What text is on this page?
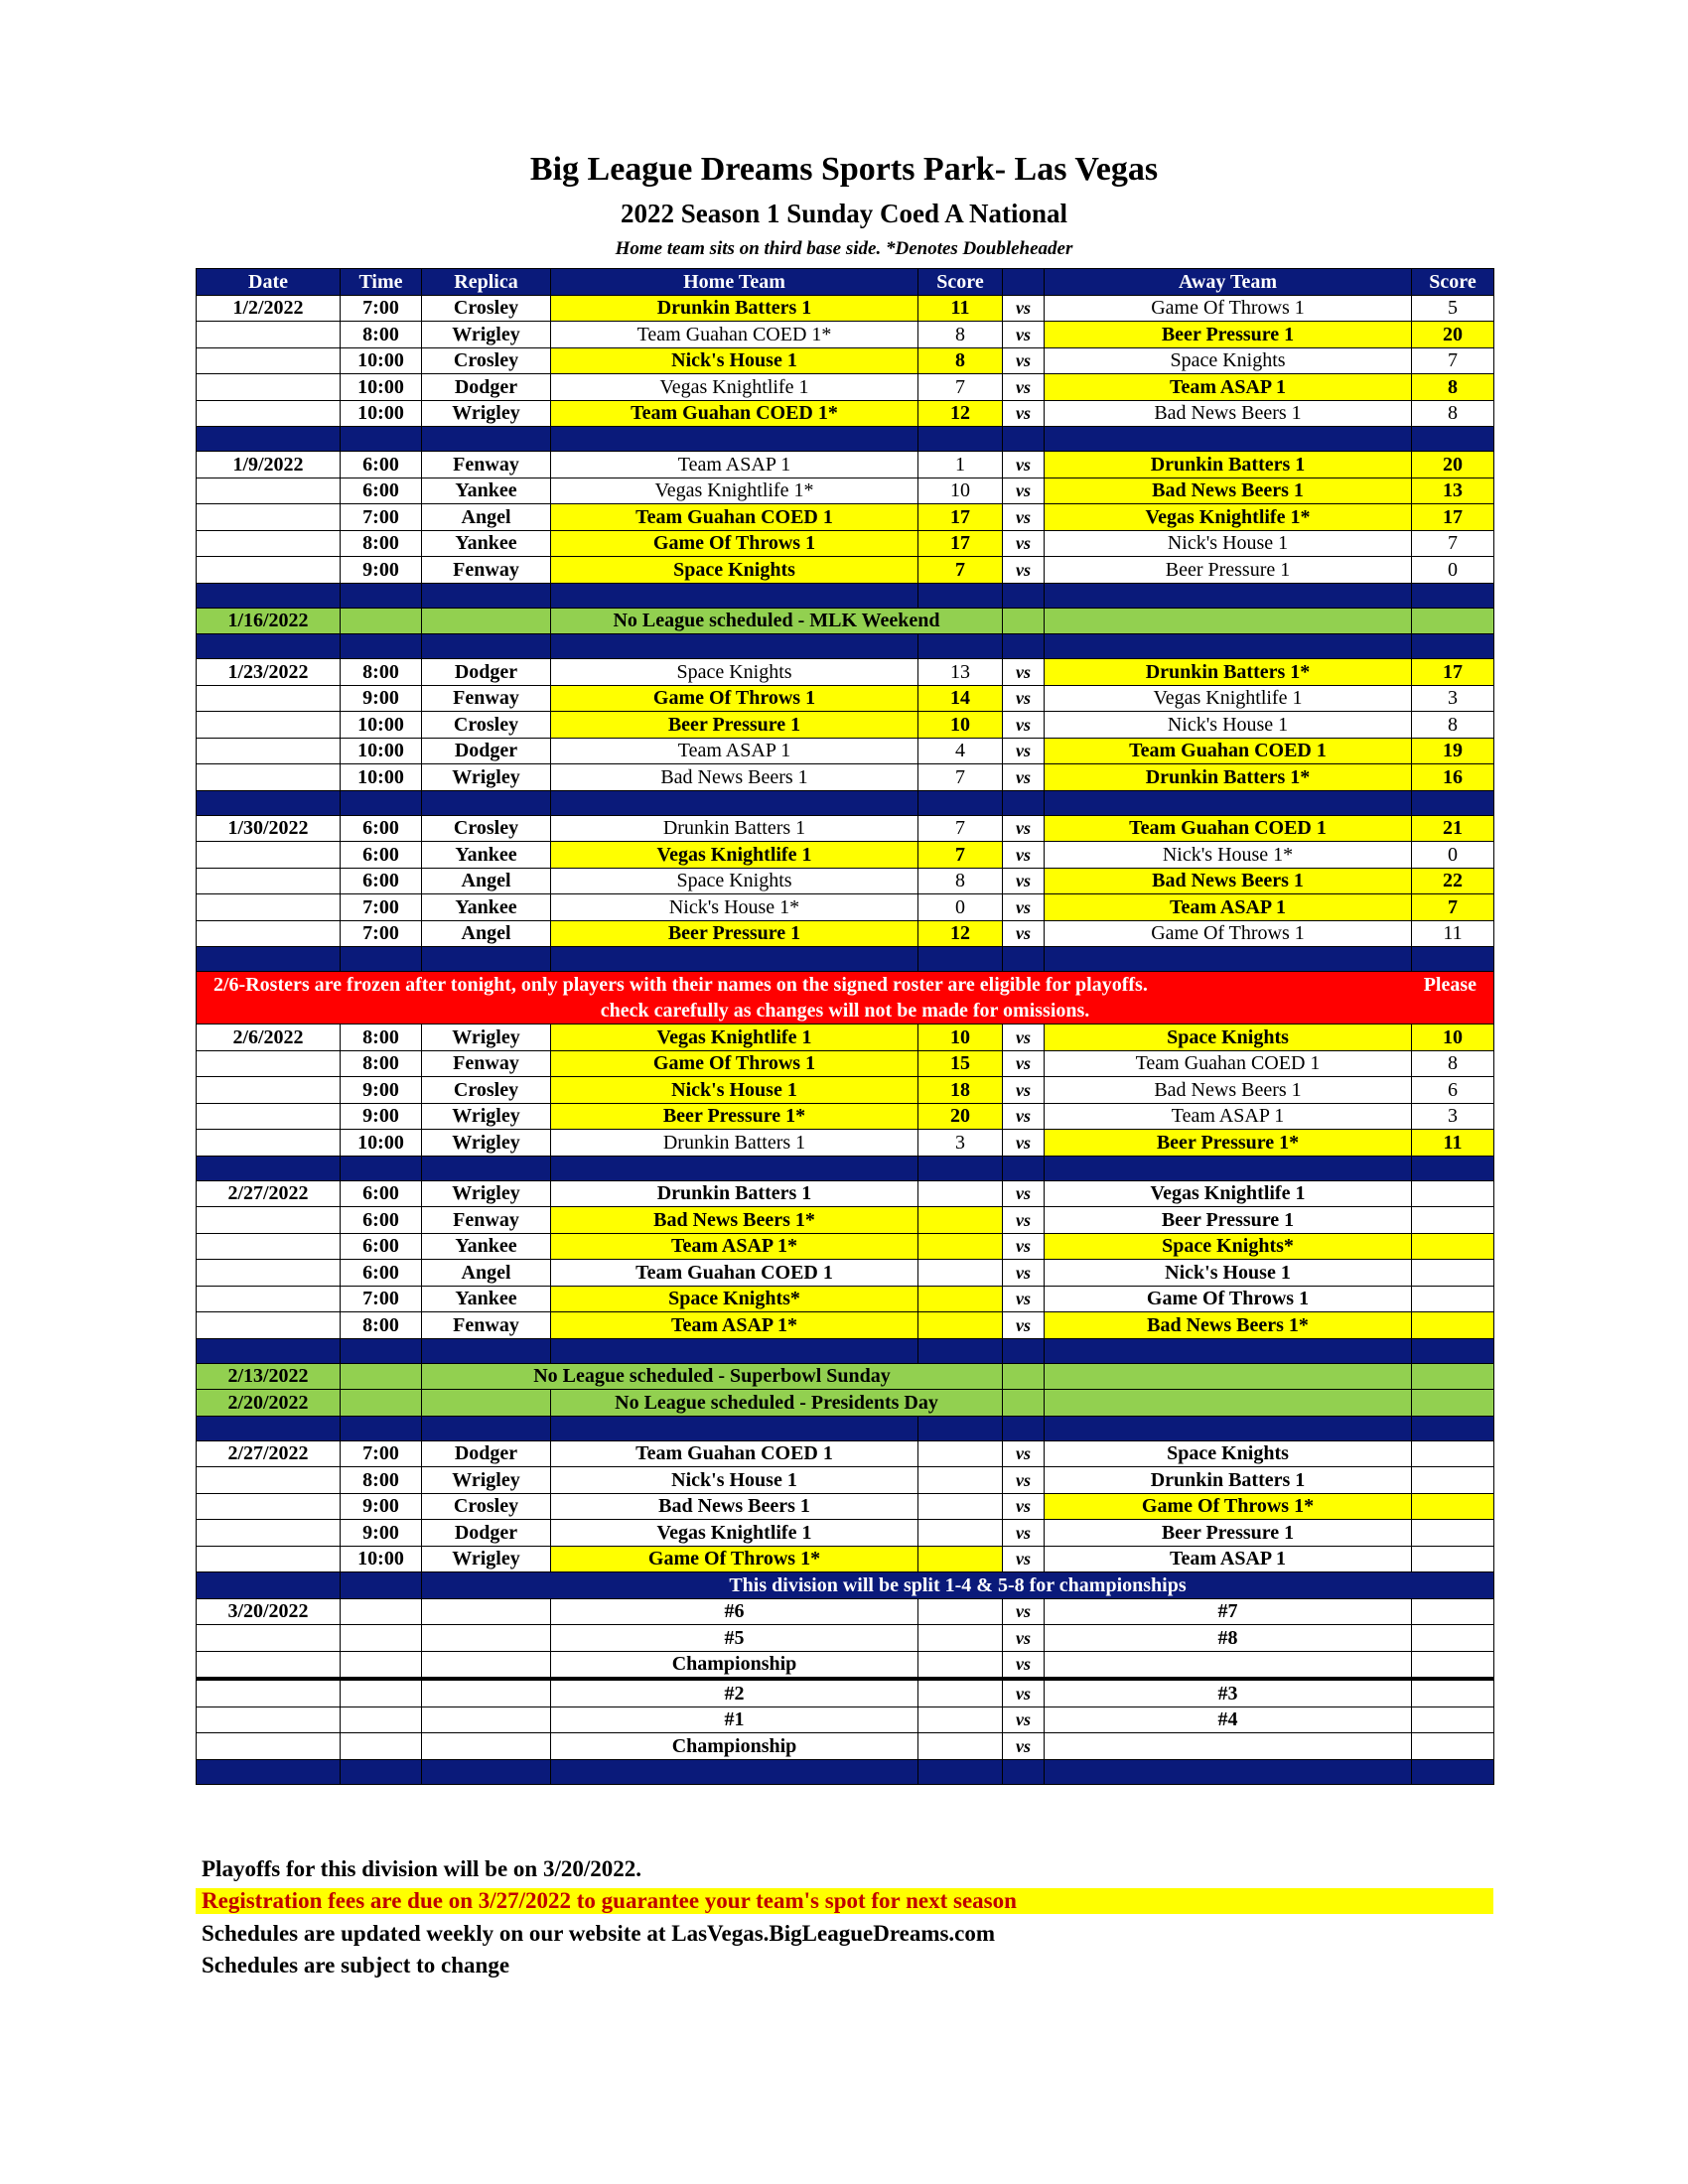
Big League Dreams Sports Park- Las Vegas
2022 Season 1 Sunday Coed A National
Home team sits on third base side. *Denotes Doubleheader
Date	Time	Replica	Home Team	Score		Away Team	Score
1/2/2022	7:00	Crosley	Drunkin Batters 1	11	vs	Game Of Throws 1	5
	8:00	Wrigley	Team Guahan COED 1*	8	vs	Beer Pressure 1	20
	10:00	Crosley	Nick's House 1	8	vs	Space Knights	7
	10:00	Dodger	Vegas Knightlife 1	7	vs	Team ASAP 1	8
	10:00	Wrigley	Team Guahan COED 1*	12	vs	Bad News Beers 1	8

1/9/2022	6:00	Fenway	Team ASAP 1	1	vs	Drunkin Batters 1	20
	6:00	Yankee	Vegas Knightlife 1*	10	vs	Bad News Beers 1	13
	7:00	Angel	Team Guahan COED 1	17	vs	Vegas Knightlife 1*	17
	8:00	Yankee	Game Of Throws 1	17	vs	Nick's House 1	7
	9:00	Fenway	Space Knights	7	vs	Beer Pressure 1	0

1/16/2022			No League scheduled - MLK Weekend				

1/23/2022	8:00	Dodger	Space Knights	13	vs	Drunkin Batters 1*	17
	9:00	Fenway	Game Of Throws 1	14	vs	Vegas Knightlife 1	3
	10:00	Crosley	Beer Pressure 1	10	vs	Nick's House 1	8
	10:00	Dodger	Team ASAP 1	4	vs	Team Guahan COED 1	19
	10:00	Wrigley	Bad News Beers 1	7	vs	Drunkin Batters 1*	16

1/30/2022	6:00	Crosley	Drunkin Batters 1	7	vs	Team Guahan COED 1	21
	6:00	Yankee	Vegas Knightlife 1	7	vs	Nick's House 1*	0
	6:00	Angel	Space Knights	8	vs	Bad News Beers 1	22
	7:00	Yankee	Nick's House 1*	0	vs	Team ASAP 1	7
	7:00	Angel	Beer Pressure 1	12	vs	Game Of Throws 1	11

2/6-Rosters are frozen after tonight, only players with their names on the signed roster are eligible for playoffs. Please
check carefully as changes will not be made for omissions.							

2/6/2022	8:00	Wrigley	Vegas Knightlife 1	10	vs	Space Knights	10
	8:00	Fenway	Game Of Throws 1	15	vs	Team Guahan COED 1	8
	9:00	Crosley	Nick's House 1	18	vs	Bad News Beers 1	6
	9:00	Wrigley	Beer Pressure 1*	20	vs	Team ASAP 1	3
	10:00	Wrigley	Drunkin Batters 1	3	vs	Beer Pressure 1*	11

2/27/2022	6:00	Wrigley	Drunkin Batters 1		vs	Vegas Knightlife 1	
	6:00	Fenway	Bad News Beers 1*		vs	Beer Pressure 1	
	6:00	Yankee	Team ASAP 1*		vs	Space Knights*	
	6:00	Angel	Team Guahan COED 1		vs	Nick's House 1	
	7:00	Yankee	Space Knights*		vs	Game Of Throws 1	
	8:00	Fenway	Team ASAP 1*		vs	Bad News Beers 1*	

2/13/2022		No League scheduled - Superbowl Sunday					
2/20/2022			No League scheduled - Presidents Day				

2/27/2022	7:00	Dodger	Team Guahan COED 1		vs	Space Knights	
	8:00	Wrigley	Nick's House 1		vs	Drunkin Batters 1	
	9:00	Crosley	Bad News Beers 1		vs	Game Of Throws 1*	
	9:00	Dodger	Vegas Knightlife 1		vs	Beer Pressure 1	
	10:00	Wrigley	Game Of Throws 1*		vs	Team ASAP 1	
		This division will be split 1-4 & 5-8 for championships					
3/20/2022			#6		vs	#7	
			#5		vs	#8	
			Championship		vs		
			#2		vs	#3	
			#1		vs	#4	
			Championship		vs		

Playoffs for this division will be on 3/20/2022.
Registration fees are due on 3/27/2022 to guarantee your team's spot for next season
Schedules are updated weekly on our website at LasVegas.BigLeagueDreams.com
Schedules are subject to change
